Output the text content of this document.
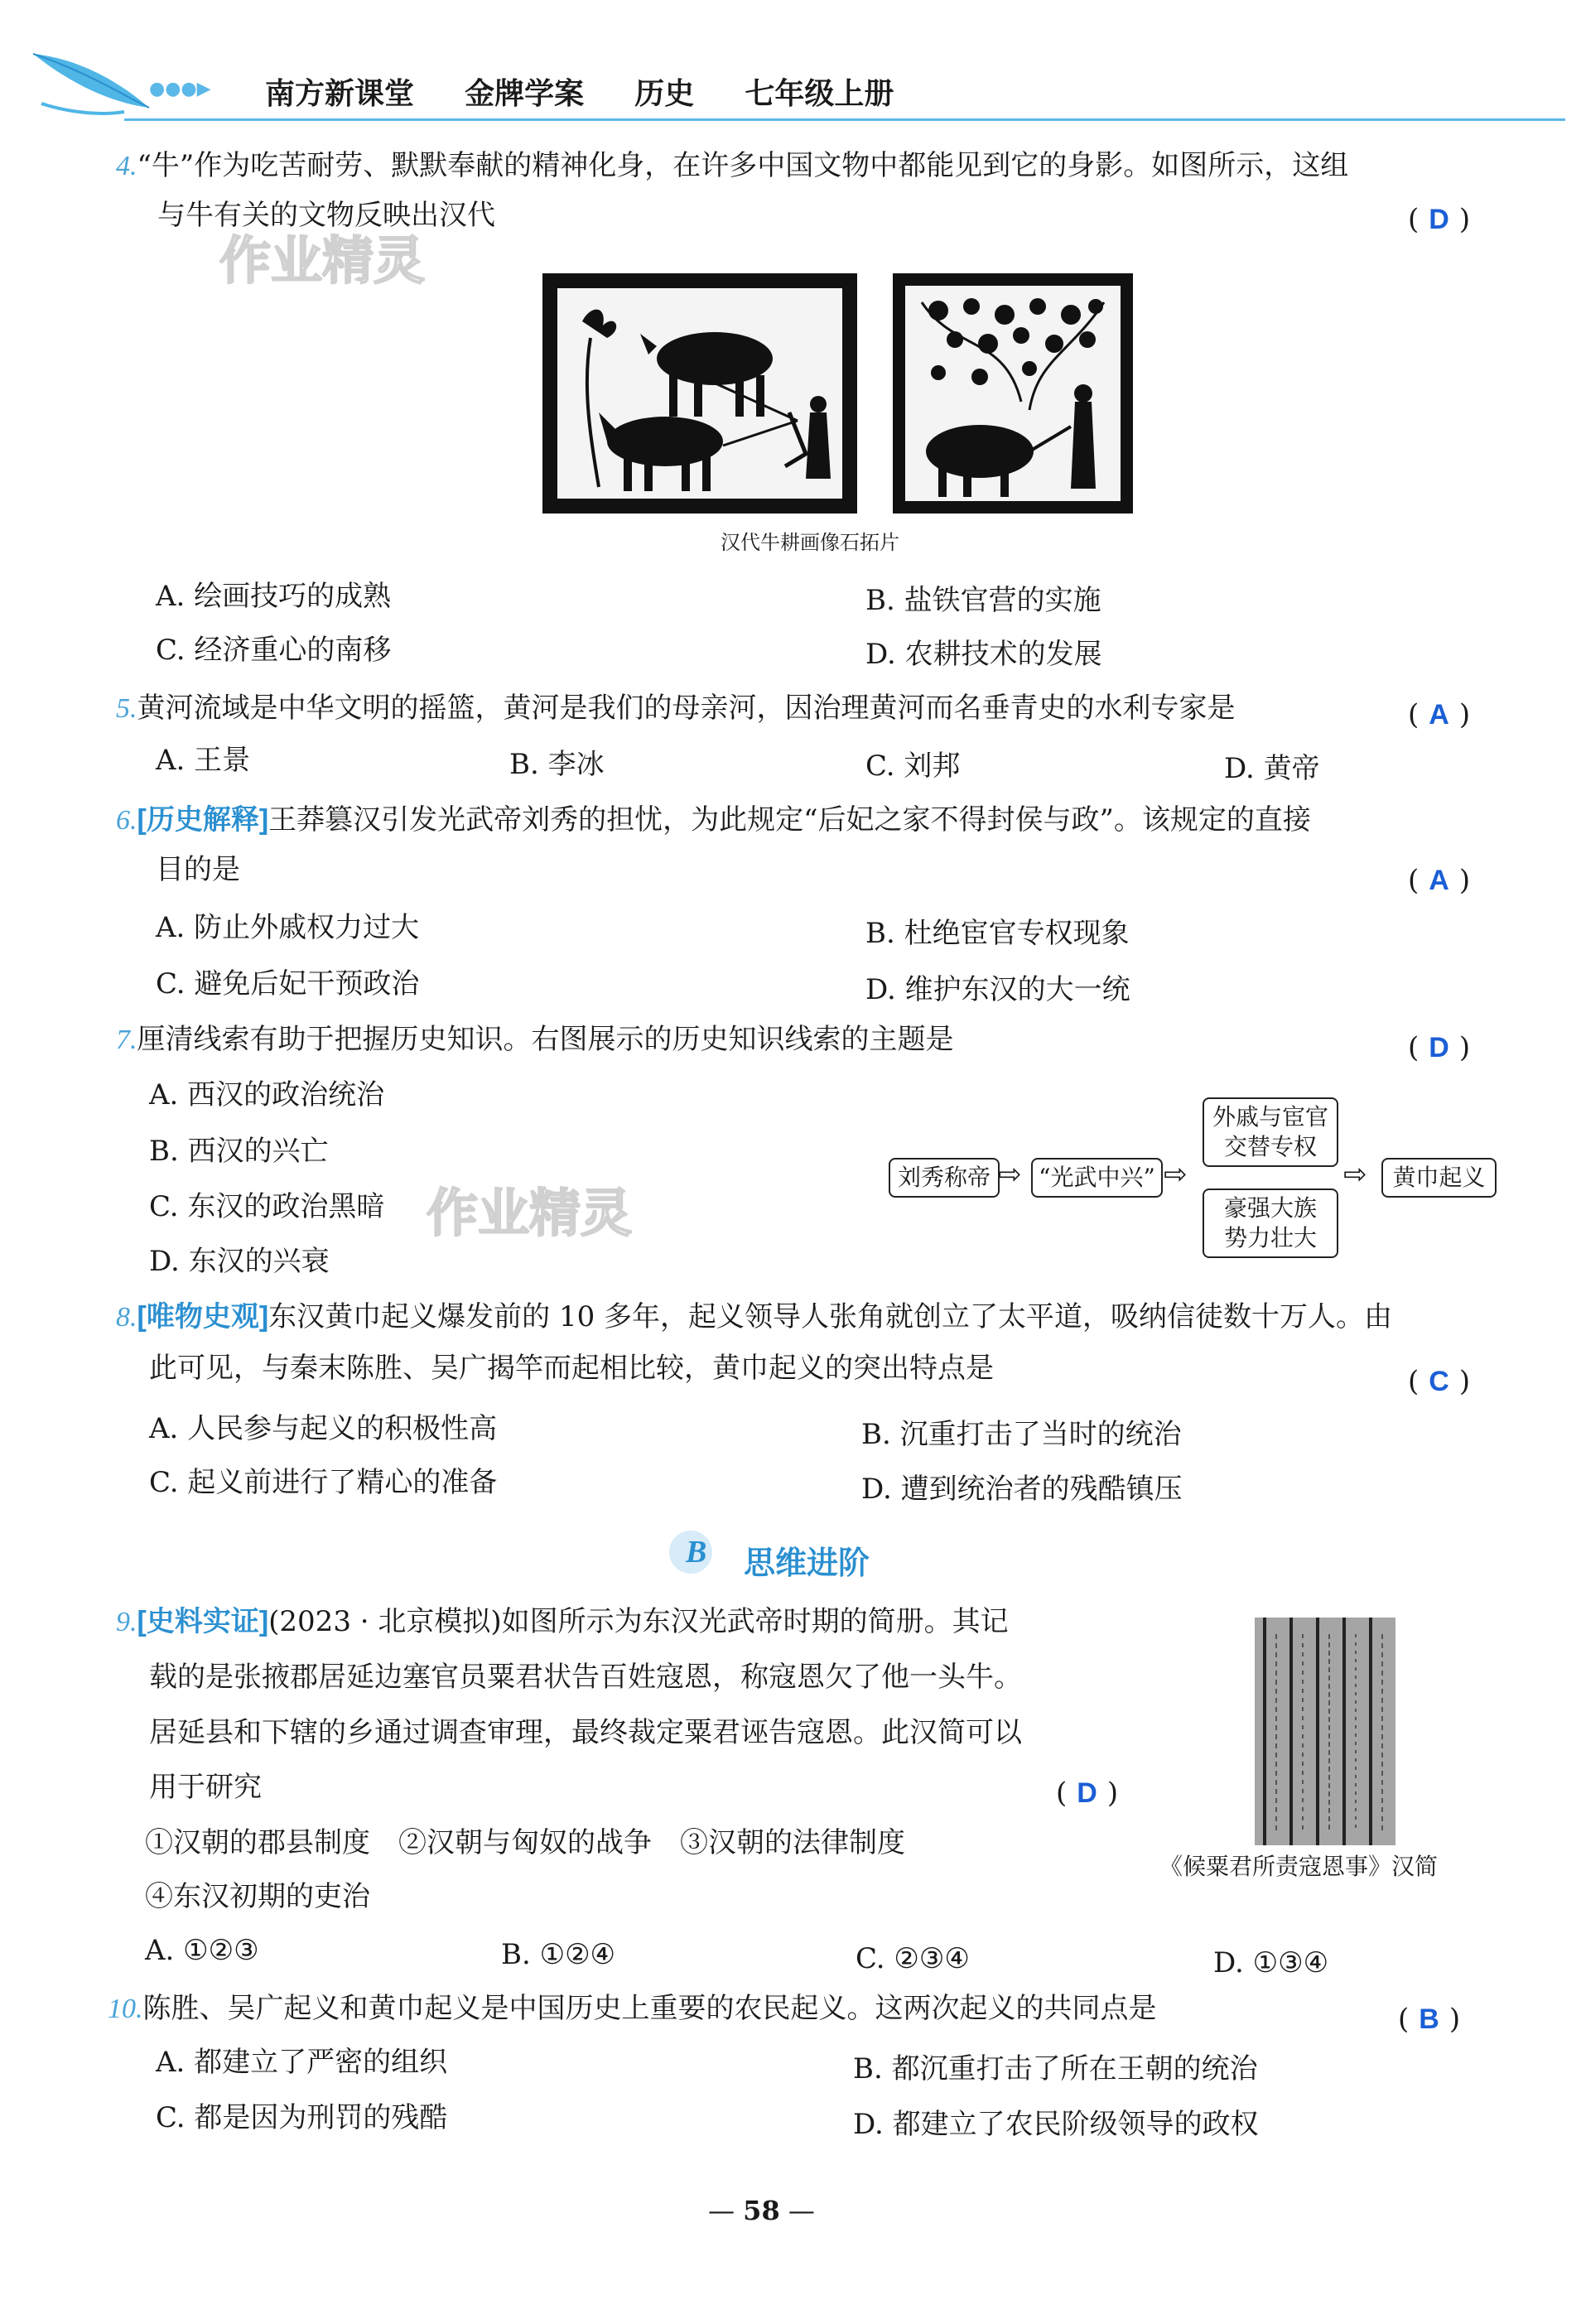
●●●▶ 南方新课堂 金牌学案 历史 七年级上册
4.“牛”作为吃苦耐劳、默默奉献的精神化身，在许多中国文物中都能见到它的身影。如图所示，这组
与牛有关的文物反映出汉代	( D )
作业精灵
汉代牛耕画像石拓片
A. 绘画技巧的成熟	B. 盐铁官营的实施
C. 经济重心的南移	D. 农耕技术的发展
5.黄河流域是中华文明的摇篮，黄河是我们的母亲河，因治理黄河而名垂青史的水利专家是	( A )
A. 王景	B. 李冰	C. 刘邦	D. 黄帝
6.[历史解释]王莽篡汉引发光武帝刘秀的担忧，为此规定“后妃之家不得封侯与政”。该规定的直接
目的是	( A )
A. 防止外戚权力过大	B. 杜绝宦官专权现象
C. 避免后妃干预政治	D. 维护东汉的大一统
7.厘清线索有助于把握历史知识。右图展示的历史知识线索的主题是	( D )
A. 西汉的政治统治
B. 西汉的兴亡
C. 东汉的政治黑暗
D. 东汉的兴衰
作业精灵
刘秀称帝 ⇨ “光武中兴” ⇨
外戚与宦官
交替专权
豪强大族
势力壮大
⇨	黄巾起义
8.[唯物史观]东汉黄巾起义爆发前的 10 多年，起义领导人张角就创立了太平道，吸纳信徒数十万人。由
此可见，与秦末陈胜、吴广揭竿而起相比较，黄巾起义的突出特点是	( C )
A. 人民参与起义的积极性高	B. 沉重打击了当时的统治
C. 起义前进行了精心的准备	D. 遭到统治者的残酷镇压
B 思维进阶
9.[史料实证](2023 · 北京模拟)如图所示为东汉光武帝时期的简册。其记
载的是张掖郡居延边塞官员粟君状告百姓寇恩，称寇恩欠了他一头牛。
居延县和下辖的乡通过调查审理，最终裁定粟君诬告寇恩。此汉简可以
用于研究	( D )
①汉朝的郡县制度　②汉朝与匈奴的战争　③汉朝的法律制度
④东汉初期的吏治
《候粟君所责寇恩事》汉简
A. ①②③	B. ①②④	C. ②③④	D. ①③④
10.陈胜、吴广起义和黄巾起义是中国历史上重要的农民起义。这两次起义的共同点是	( B )
A. 都建立了严密的组织	B. 都沉重打击了所在王朝的统治
C. 都是因为刑罚的残酷	D. 都建立了农民阶级领导的政权
— 58 —
